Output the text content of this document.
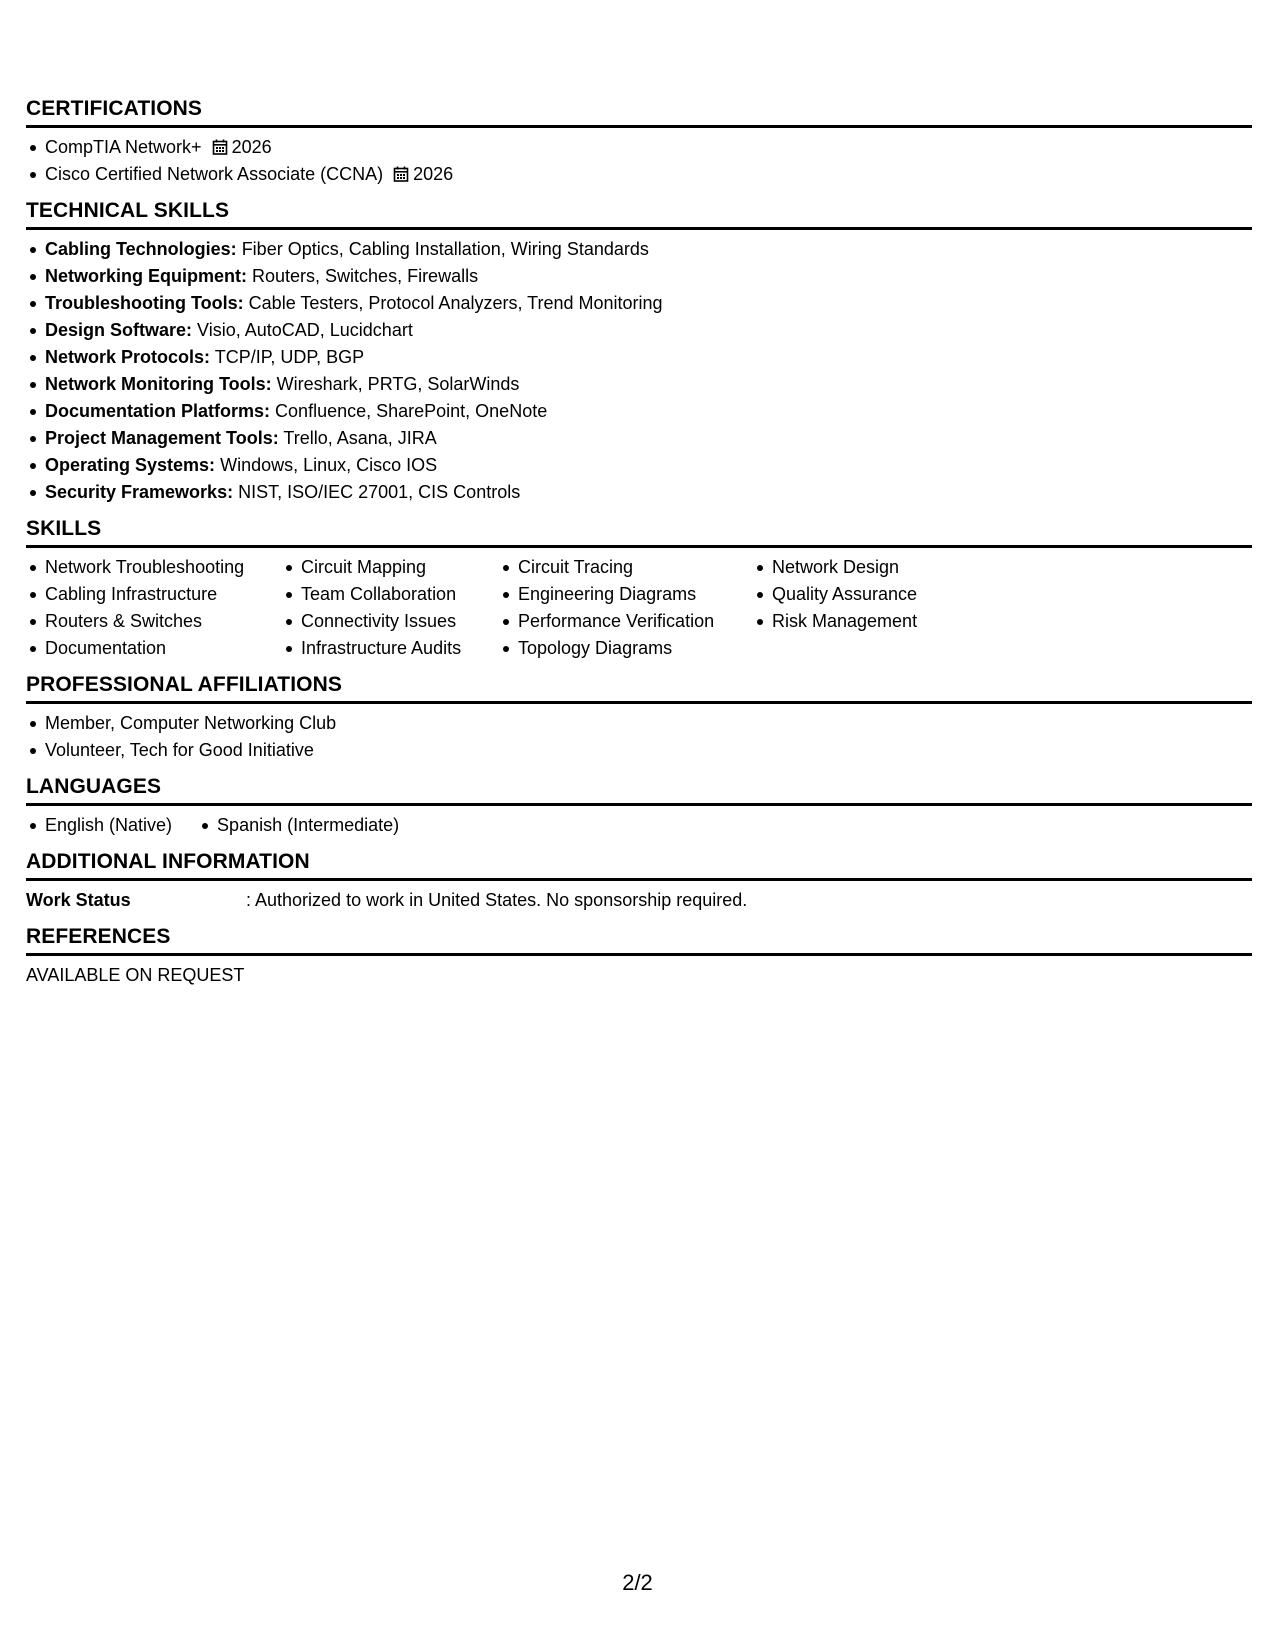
CERTIFICATIONS
CompTIA Network+ 2026
Cisco Certified Network Associate (CCNA) 2026
TECHNICAL SKILLS
Cabling Technologies: Fiber Optics, Cabling Installation, Wiring Standards
Networking Equipment: Routers, Switches, Firewalls
Troubleshooting Tools: Cable Testers, Protocol Analyzers, Trend Monitoring
Design Software: Visio, AutoCAD, Lucidchart
Network Protocols: TCP/IP, UDP, BGP
Network Monitoring Tools: Wireshark, PRTG, SolarWinds
Documentation Platforms: Confluence, SharePoint, OneNote
Project Management Tools: Trello, Asana, JIRA
Operating Systems: Windows, Linux, Cisco IOS
Security Frameworks: NIST, ISO/IEC 27001, CIS Controls
SKILLS
Network Troubleshooting
Cabling Infrastructure
Routers & Switches
Documentation
Circuit Mapping
Team Collaboration
Connectivity Issues
Infrastructure Audits
Circuit Tracing
Engineering Diagrams
Performance Verification
Topology Diagrams
Network Design
Quality Assurance
Risk Management
PROFESSIONAL AFFILIATIONS
Member, Computer Networking Club
Volunteer, Tech for Good Initiative
LANGUAGES
English (Native)	Spanish (Intermediate)
ADDITIONAL INFORMATION
Work Status	: Authorized to work in United States. No sponsorship required.
REFERENCES
AVAILABLE ON REQUEST
2/2
